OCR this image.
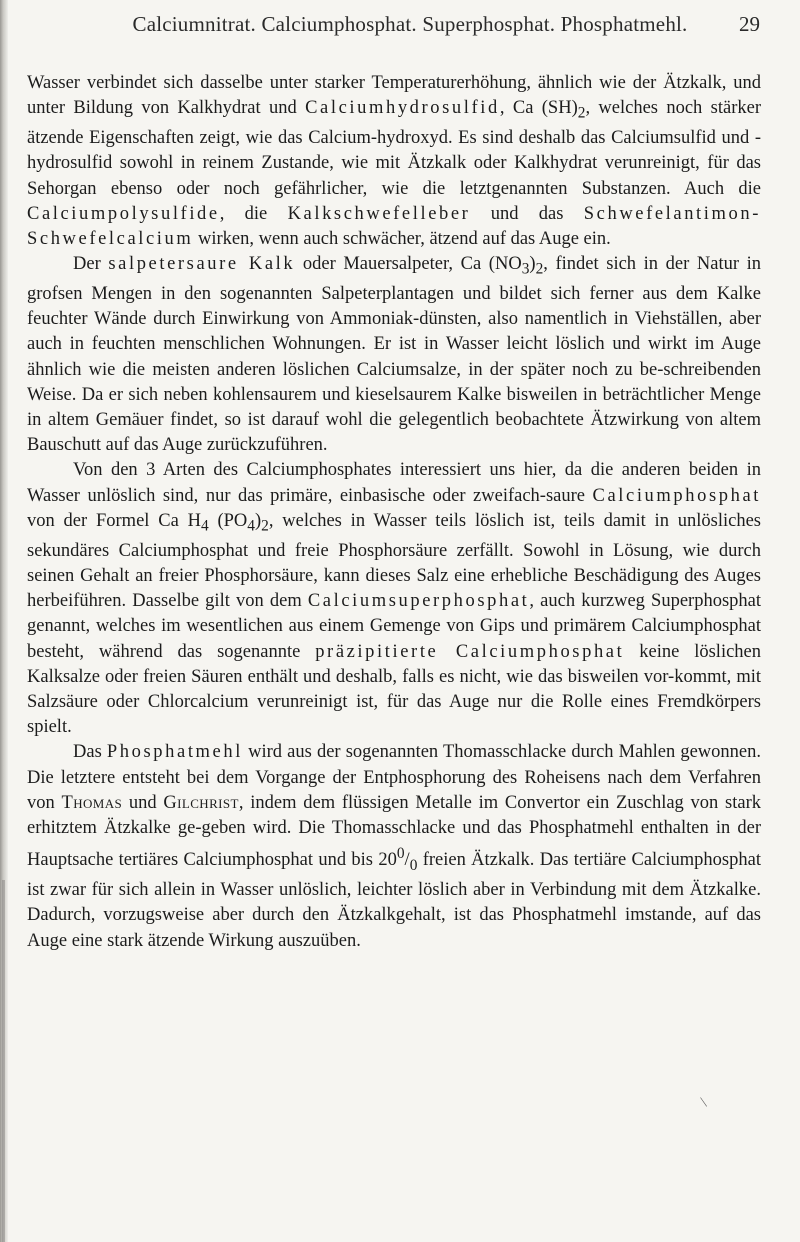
Calciumnitrat. Calciumphosphat. Superphosphat. Phosphatmehl.	29

Wasser verbindet sich dasselbe unter starker Temperaturerhöhung, ähnlich wie der Ätzkalk, und unter Bildung von Kalkhydrat und Calciumhydrosulfid, Ca $(SH)_2$, welches noch stärker ätzende Eigenschaften zeigt, wie das Calcium-hydroxyd. Es sind deshalb das Calciumsulfid und -hydrosulfid sowohl in reinem Zustande, wie mit Ätzkalk oder Kalkhydrat verunreinigt, für das Sehorgan ebenso oder noch gefährlicher, wie die letztgenannten Substanzen. Auch die Calciumpolysulfide, die Kalkschwefelleber und das Schwefelantimon-Schwefelcalcium wirken, wenn auch schwächer, ätzend auf das Auge ein.

Der salpetersaure Kalk oder Mauersalpeter, Ca $(NO_3)_2$, findet sich in der Natur in grofsen Mengen in den sogenannten Salpeterplantagen und bildet sich ferner aus dem Kalke feuchter Wände durch Einwirkung von Ammoniak-dünsten, also namentlich in Viehställen, aber auch in feuchten menschlichen Wohnungen. Er ist in Wasser leicht löslich und wirkt im Auge ähnlich wie die meisten anderen löslichen Calciumsalze, in der später noch zu be-schreibenden Weise. Da er sich neben kohlensaurem und kieselsaurem Kalke bisweilen in beträchtlicher Menge in altem Gemäuer findet, so ist darauf wohl die gelegentlich beobachtete Ätzwirkung von altem Bauschutt auf das Auge zurückzuführen.

Von den 3 Arten des Calciumphosphates interessiert uns hier, da die anderen beiden in Wasser unlöslich sind, nur das primäre, einbasische oder zweifach-saure Calciumphosphat von der Formel Ca $H_4$ $(PO_4)_2$, welches in Wasser teils löslich ist, teils damit in unlösliches sekundäres Calciumphosphat und freie Phosphorsäure zerfällt. Sowohl in Lösung, wie durch seinen Gehalt an freier Phosphorsäure, kann dieses Salz eine erhebliche Beschädigung des Auges herbeiführen. Dasselbe gilt von dem Calciumsuperphosphat, auch kurzweg Superphosphat genannt, welches im wesentlichen aus einem Gemenge von Gips und primärem Calciumphosphat besteht, während das sogenannte präzipitierte Calciumphosphat keine löslichen Kalksalze oder freien Säuren enthält und deshalb, falls es nicht, wie das bisweilen vor-kommt, mit Salzsäure oder Chlorcalcium verunreinigt ist, für das Auge nur die Rolle eines Fremdkörpers spielt.

Das Phosphatmehl wird aus der sogenannten Thomasschlacke durch Mahlen gewonnen. Die letztere entsteht bei dem Vorgange der Entphosphorung des Roheisens nach dem Verfahren von Thomas und Gilchrist, indem dem flüssigen Metalle im Convertor ein Zuschlag von stark erhitztem Ätzkalke ge-geben wird. Die Thomasschlacke und das Phosphatmehl enthalten in der Hauptsache tertiäres Calciumphosphat und bis $20^0/_0$ freien Ätzkalk. Das tertiäre Calciumphosphat ist zwar für sich allein in Wasser unlöslich, leichter löslich aber in Verbindung mit dem Ätzkalke. Dadurch, vorzugsweise aber durch den Ätzkalkgehalt, ist das Phosphatmehl imstande, auf das Auge eine stark ätzende Wirkung auszuüben.

|
